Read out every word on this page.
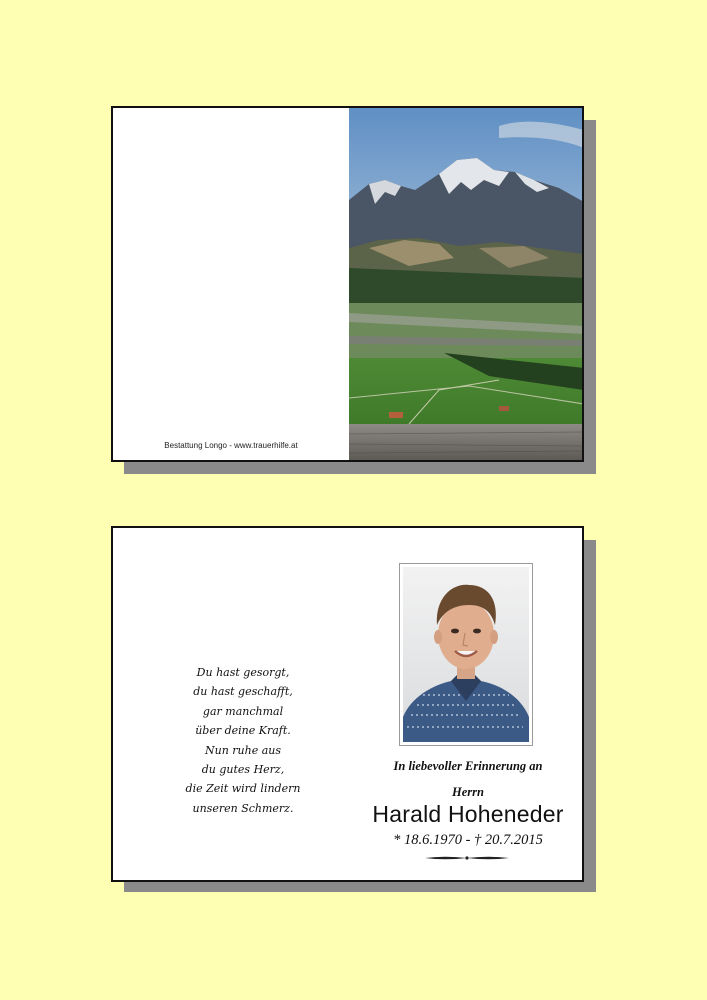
Bestattung Longo - www.trauerhilfe.at
Du hast gesorgt,
du hast geschafft,
gar manchmal
über deine Kraft.
Nun ruhe aus
du gutes Herz,
die Zeit wird lindern
unseren Schmerz.
In liebevoller Erinnerung an
Herrn
Harald Hoheneder
* 18.6.1970 - † 20.7.2015
